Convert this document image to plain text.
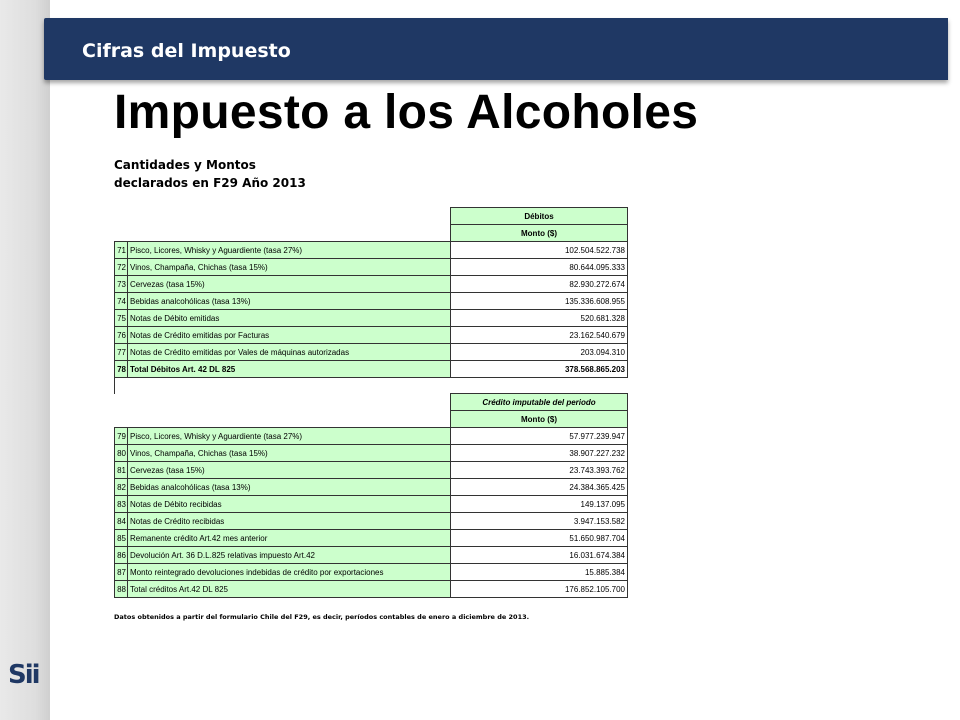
Cifras del Impuesto
Impuesto a los Alcoholes
Cantidades y Montos declarados en F29 Año 2013
		Débitos
		Monto ($)
71	Pisco, Licores, Whisky y Aguardiente (tasa 27%)	102.504.522.738
72	Vinos, Champaña, Chichas (tasa 15%)	80.644.095.333
73	Cervezas (tasa 15%)	82.930.272.674
74	Bebidas analcohólicas (tasa 13%)	135.336.608.955
75	Notas de Débito emitidas	520.681.328
76	Notas de Crédito emitidas por Facturas	23.162.540.679
77	Notas de Crédito emitidas por Vales de máquinas autorizadas	203.094.310
78	Total Débitos Art. 42 DL 825	378.568.865.203
		Crédito imputable del periodo
		Monto ($)
79	Pisco, Licores, Whisky y Aguardiente (tasa 27%)	57.977.239.947
80	Vinos, Champaña, Chichas (tasa 15%)	38.907.227.232
81	Cervezas (tasa 15%)	23.743.393.762
82	Bebidas analcohólicas (tasa 13%)	24.384.365.425
83	Notas de Débito recibidas	149.137.095
84	Notas de Crédito recibidas	3.947.153.582
85	Remanente crédito Art.42 mes anterior	51.650.987.704
86	Devolución Art. 36 D.L.825 relativas impuesto Art.42	16.031.674.384
87	Monto reintegrado devoluciones indebidas de crédito por exportaciones	15.885.384
88	Total créditos Art.42 DL 825	176.852.105.700
Datos obtenidos a partir del formulario Chile del F29, es decir, períodos contables de enero a diciembre de 2013.
Sii
